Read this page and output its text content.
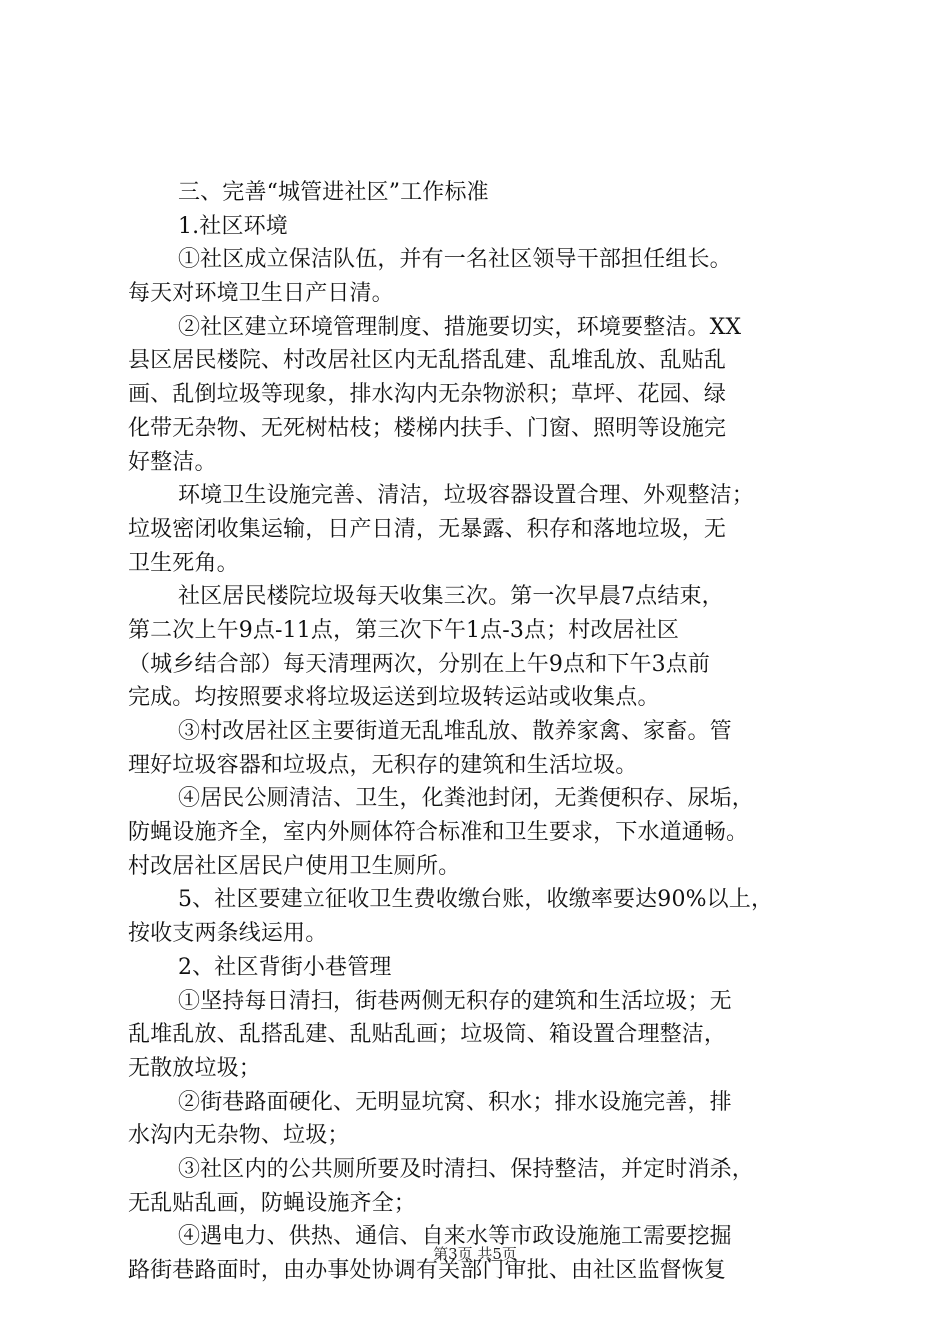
三、完善“城管进社区”工作标准
1.社区环境
①社区成立保洁队伍，并有一名社区领导干部担任组长。
每天对环境卫生日产日清。
②社区建立环境管理制度、措施要切实，环境要整洁。XX
县区居民楼院、村改居社区内无乱搭乱建、乱堆乱放、乱贴乱
画、乱倒垃圾等现象，排水沟内无杂物淤积；草坪、花园、绿
化带无杂物、无死树枯枝；楼梯内扶手、门窗、照明等设施完
好整洁。
环境卫生设施完善、清洁，垃圾容器设置合理、外观整洁；
垃圾密闭收集运输，日产日清，无暴露、积存和落地垃圾，无
卫生死角。
社区居民楼院垃圾每天收集三次。第一次早晨7点结束，
第二次上午9点-11点，第三次下午1点-3点；村改居社区
（城乡结合部）每天清理两次，分别在上午9点和下午3点前
完成。均按照要求将垃圾运送到垃圾转运站或收集点。
③村改居社区主要街道无乱堆乱放、散养家禽、家畜。管
理好垃圾容器和垃圾点，无积存的建筑和生活垃圾。
④居民公厕清洁、卫生，化粪池封闭，无粪便积存、尿垢，
防蝇设施齐全，室内外厕体符合标准和卫生要求，下水道通畅。
村改居社区居民户使用卫生厕所。
5、社区要建立征收卫生费收缴台账，收缴率要达90%以上，
按收支两条线运用。
2、社区背街小巷管理
①坚持每日清扫，街巷两侧无积存的建筑和生活垃圾；无
乱堆乱放、乱搭乱建、乱贴乱画；垃圾筒、箱设置合理整洁，
无散放垃圾；
②街巷路面硬化、无明显坑窝、积水；排水设施完善，排
水沟内无杂物、垃圾；
③社区内的公共厕所要及时清扫、保持整洁，并定时消杀，
无乱贴乱画，防蝇设施齐全；
④遇电力、供热、通信、自来水等市政设施施工需要挖掘
路街巷路面时，由办事处协调有关部门审批、由社区监督恢复
第3页 共5页
